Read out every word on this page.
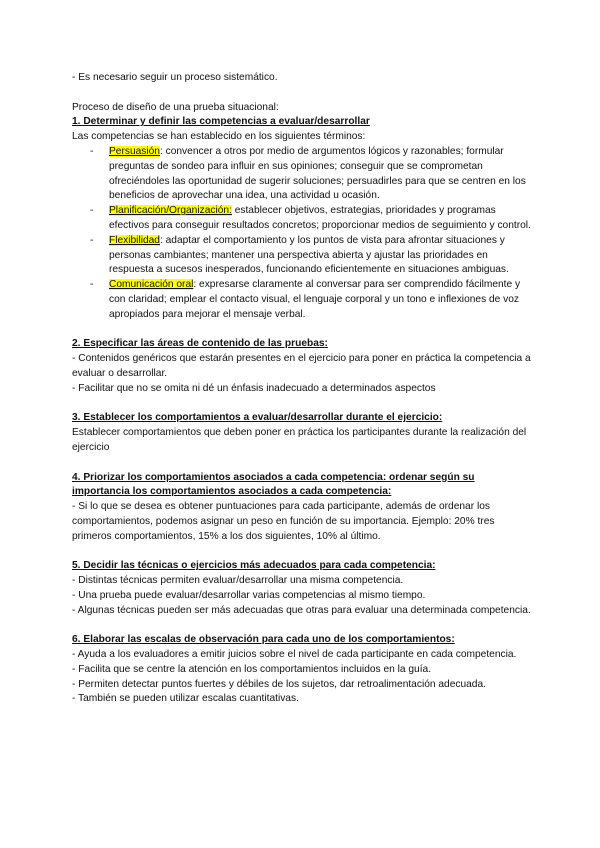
- Es necesario seguir un proceso sistemático.

Proceso de diseño de una prueba situacional:

1. Determinar y definir las competencias a evaluar/desarrollar

Las competencias se han establecido en los siguientes términos:

- Persuasión: convencer a otros por medio de argumentos lógicos y razonables; formular preguntas de sondeo para influir en sus opiniones; conseguir que se comprometan ofreciéndoles las oportunidad de sugerir soluciones; persuadirles para que se centren en los beneficios de aprovechar una idea, una actividad u ocasión.
- Planificación/Organización: establecer objetivos, estrategias, prioridades y programas efectivos para conseguir resultados concretos; proporcionar medios de seguimiento y control.
- Flexibilidad: adaptar el comportamiento y los puntos de vista para afrontar situaciones y personas cambiantes; mantener una perspectiva abierta y ajustar las prioridades en respuesta a sucesos inesperados, funcionando eficientemente en situaciones ambiguas.
- Comunicación oral: expresarse claramente al conversar para ser comprendido fácilmente y con claridad; emplear el contacto visual, el lenguaje corporal y un tono e inflexiones de voz apropiados para mejorar el mensaje verbal.

2. Especificar las áreas de contenido de las pruebas:

- Contenidos genéricos que estarán presentes en el ejercicio para poner en práctica la competencia a evaluar o desarrollar.

- Facilitar que no se omita ni dé un énfasis inadecuado a determinados aspectos

3. Establecer los comportamientos a evaluar/desarrollar durante el ejercicio:

Establecer comportamientos que deben poner en práctica los participantes durante la realización del ejercicio

4. Priorizar los comportamientos asociados a cada competencia: ordenar según su importancia los comportamientos asociados a cada competencia:

- Si lo que se desea es obtener puntuaciones para cada participante, además de ordenar los comportamientos, podemos asignar un peso en función de su importancia. Ejemplo: 20% tres primeros comportamientos, 15% a los dos siguientes, 10% al último.

5. Decidir las técnicas o ejercicios más adecuados para cada competencia:

- Distintas técnicas permiten evaluar/desarrollar una misma competencia.

- Una prueba puede evaluar/desarrollar varias competencias al mismo tiempo.

- Algunas técnicas pueden ser más adecuadas que otras para evaluar una determinada competencia.

6. Elaborar las escalas de observación para cada uno de los comportamientos:

- Ayuda a los evaluadores a emitir juicios sobre el nivel de cada participante en cada competencia.

- Facilita que se centre la atención en los comportamientos incluidos en la guía.

- Permiten detectar puntos fuertes y débiles de los sujetos, dar retroalimentación adecuada.

- También se pueden utilizar escalas cuantitativas.
